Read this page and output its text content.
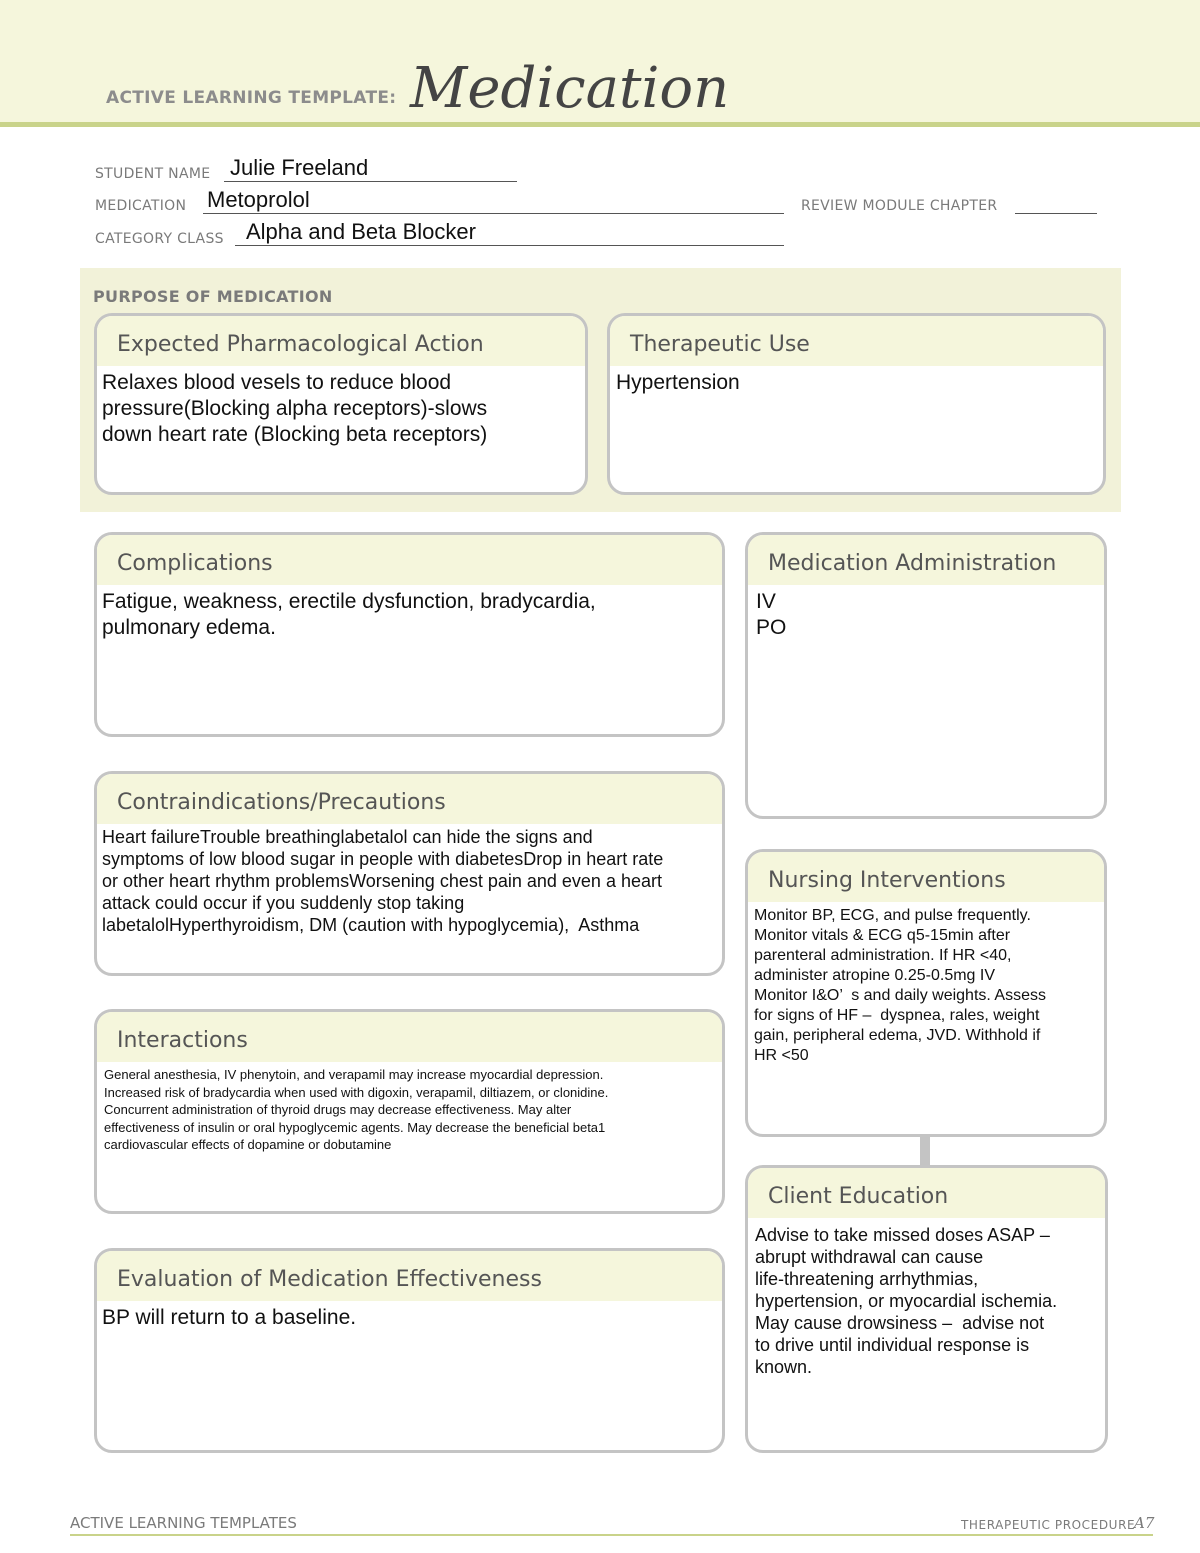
ACTIVE LEARNING TEMPLATE: Medication
STUDENT NAME Julie Freeland
MEDICATION Metoprolol	REVIEW MODULE CHAPTER
CATEGORY CLASS Alpha and Beta Blocker
PURPOSE OF MEDICATION
Expected Pharmacological Action
Relaxes blood vesels to reduce blood
pressure(Blocking alpha receptors)-slows
down heart rate (Blocking beta receptors)
Therapeutic Use
Hypertension
Complications
Fatigue, weakness, erectile dysfunction, bradycardia,
pulmonary edema.
Contraindications/Precautions
Heart failureTrouble breathinglabetalol can hide the signs and
symptoms of low blood sugar in people with diabetesDrop in heart rate
or other heart rhythm problemsWorsening chest pain and even a heart
attack could occur if you suddenly stop taking
labetalolHyperthyroidism, DM (caution with hypoglycemia),  Asthma
Interactions
General anesthesia, IV phenytoin, and verapamil may increase myocardial depression.
Increased risk of bradycardia when used with digoxin, verapamil, diltiazem, or clonidine.
Concurrent administration of thyroid drugs may decrease effectiveness. May alter
effectiveness of insulin or oral hypoglycemic agents. May decrease the beneficial beta1
cardiovascular effects of dopamine or dobutamine
Evaluation of Medication Effectiveness
BP will return to a baseline.
Medication Administration
IV
PO
Nursing Interventions
Monitor BP, ECG, and pulse frequently.
Monitor vitals & ECG q5-15min after
parenteral administration. If HR <40,
administer atropine 0.25-0.5mg IV
Monitor I&O’  s and daily weights. Assess
for signs of HF –  dyspnea, rales, weight
gain, peripheral edema, JVD. Withhold if
HR <50
Client Education
Advise to take missed doses ASAP –
abrupt withdrawal can cause
life-threatening arrhythmias,
hypertension, or myocardial ischemia.
May cause drowsiness –  advise not
to drive until individual response is
known.
ACTIVE LEARNING TEMPLATES	THERAPEUTIC PROCEDURE
A7
